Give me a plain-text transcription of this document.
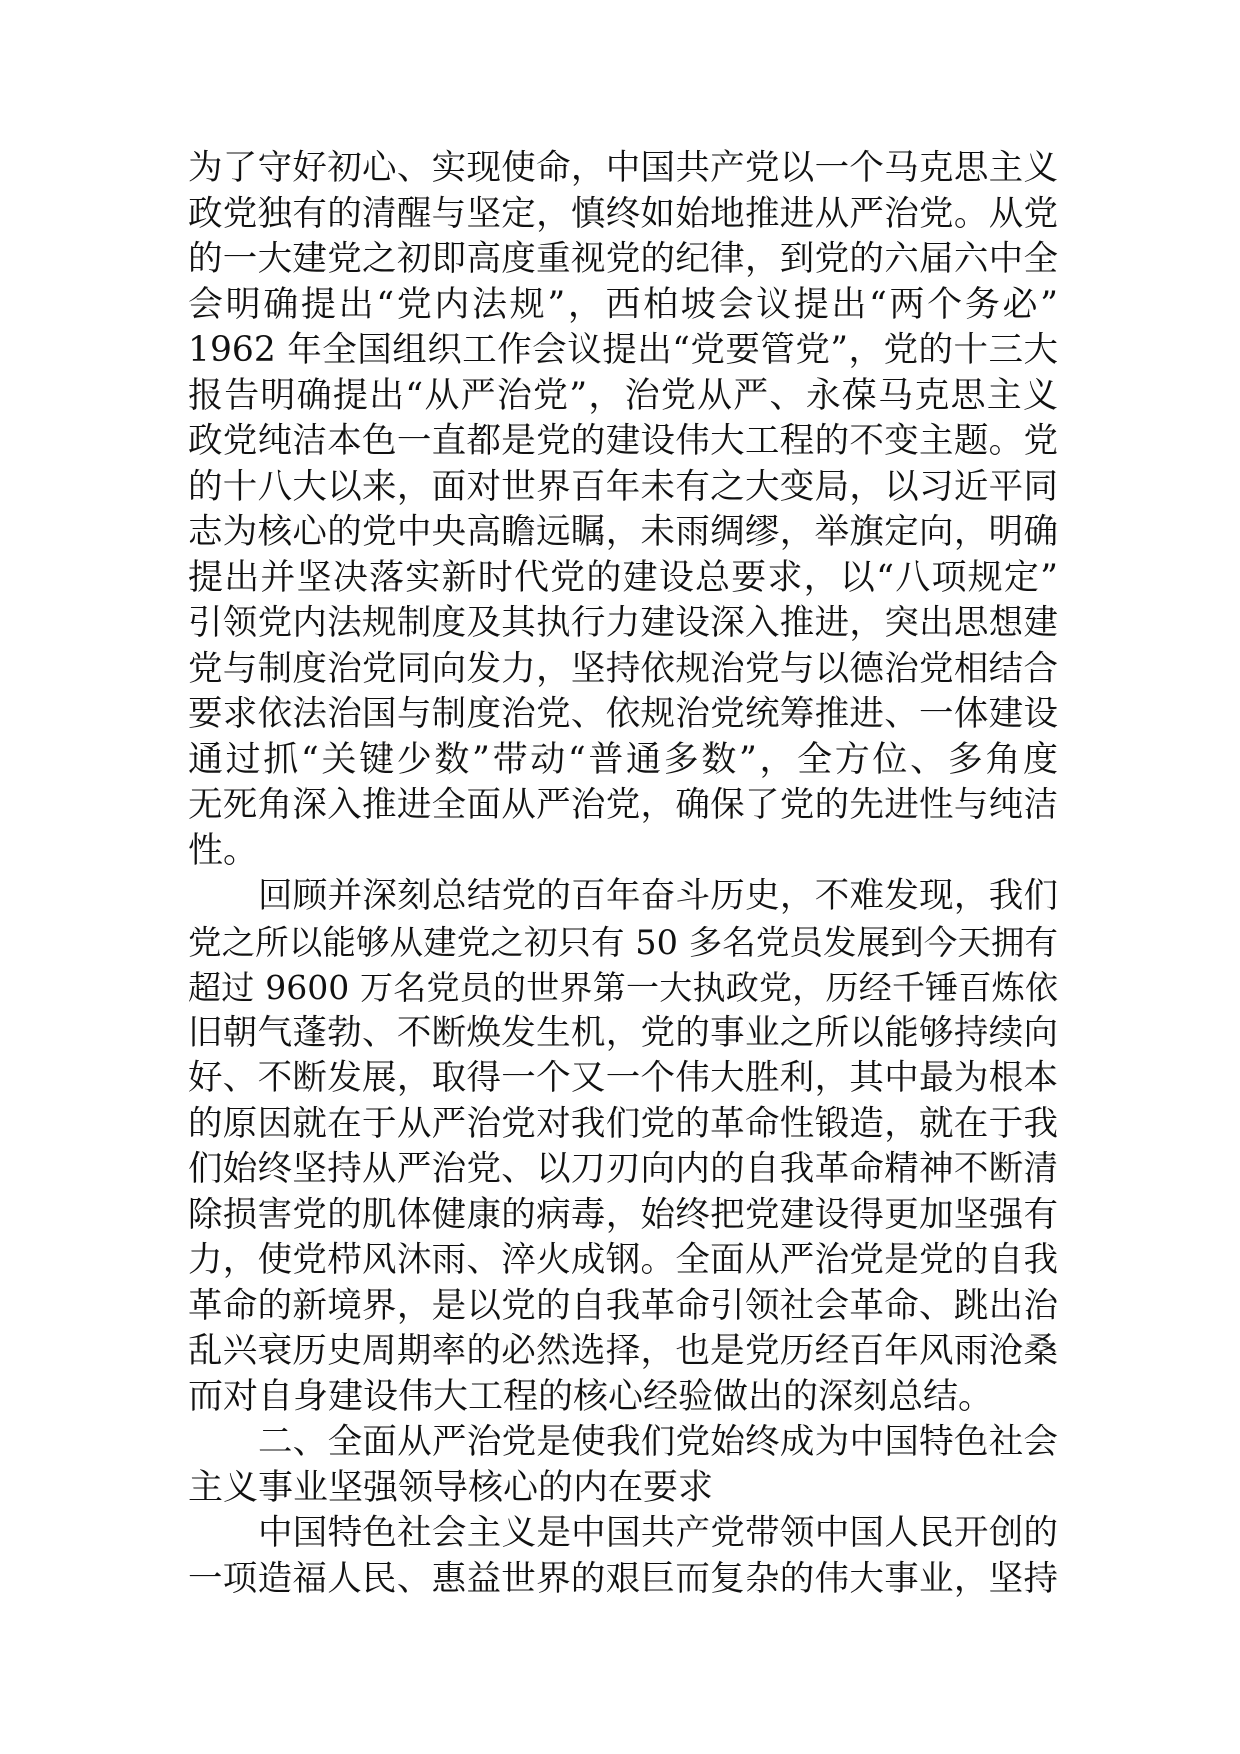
为了守好初心、实现使命，中国共产党以一个马克思主义
政党独有的清醒与坚定，慎终如始地推进从严治党。从党
的一大建党之初即高度重视党的纪律，到党的六届六中全
会明确提出“党内法规”，西柏坡会议提出“两个务必”
1962 年全国组织工作会议提出“党要管党”，党的十三大
报告明确提出“从严治党”，治党从严、永葆马克思主义
政党纯洁本色一直都是党的建设伟大工程的不变主题。党
的十八大以来，面对世界百年未有之大变局，以习近平同
志为核心的党中央高瞻远瞩，未雨绸缪，举旗定向，明确
提出并坚决落实新时代党的建设总要求，以“八项规定”
引领党内法规制度及其执行力建设深入推进，突出思想建
党与制度治党同向发力，坚持依规治党与以德治党相结合
要求依法治国与制度治党、依规治党统筹推进、一体建设
通过抓“关键少数”带动“普通多数”，全方位、多角度
无死角深入推进全面从严治党，确保了党的先进性与纯洁
性。
回顾并深刻总结党的百年奋斗历史，不难发现，我们
党之所以能够从建党之初只有 50 多名党员发展到今天拥有
超过 9600 万名党员的世界第一大执政党，历经千锤百炼依
旧朝气蓬勃、不断焕发生机，党的事业之所以能够持续向
好、不断发展，取得一个又一个伟大胜利，其中最为根本
的原因就在于从严治党对我们党的革命性锻造，就在于我
们始终坚持从严治党、以刀刃向内的自我革命精神不断清
除损害党的肌体健康的病毒，始终把党建设得更加坚强有
力，使党栉风沐雨、淬火成钢。全面从严治党是党的自我
革命的新境界，是以党的自我革命引领社会革命、跳出治
乱兴衰历史周期率的必然选择，也是党历经百年风雨沧桑
而对自身建设伟大工程的核心经验做出的深刻总结。
二、全面从严治党是使我们党始终成为中国特色社会
主义事业坚强领导核心的内在要求
中国特色社会主义是中国共产党带领中国人民开创的
一项造福人民、惠益世界的艰巨而复杂的伟大事业，坚持
